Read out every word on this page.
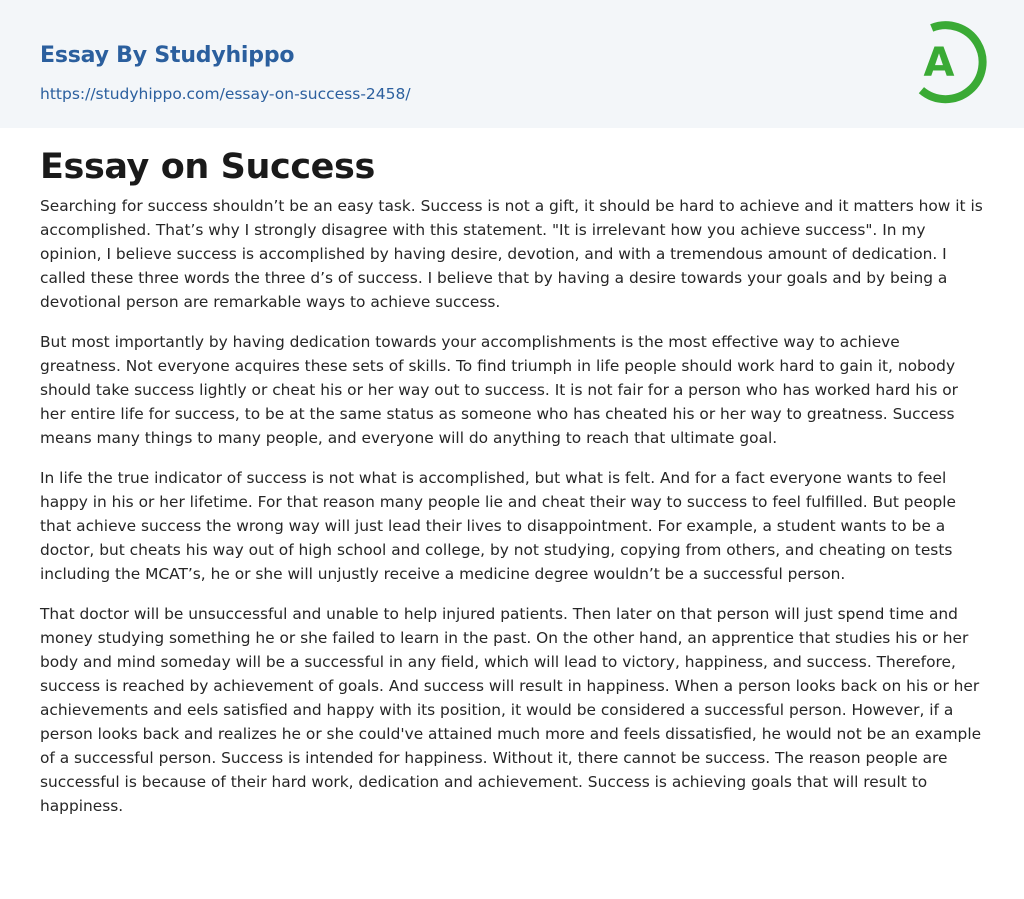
Essay By Studyhippo
https://studyhippo.com/essay-on-success-2458/
A
Essay on Success

Searching for success shouldn’t be an easy task. Success is not a gift, it should be hard to achieve and it matters how it is accomplished. That’s why I strongly disagree with this statement. "It is irrelevant how you achieve success". In my opinion, I believe success is accomplished by having desire, devotion, and with a tremendous amount of dedication. I called these three words the three d’s of success. I believe that by having a desire towards your goals and by being a devotional person are remarkable ways to achieve success.

But most importantly by having dedication towards your accomplishments is the most effective way to achieve greatness. Not everyone acquires these sets of skills. To find triumph in life people should work hard to gain it, nobody should take success lightly or cheat his or her way out to success. It is not fair for a person who has worked hard his or her entire life for success, to be at the same status as someone who has cheated his or her way to greatness. Success means many things to many people, and everyone will do anything to reach that ultimate goal.

In life the true indicator of success is not what is accomplished, but what is felt. And for a fact everyone wants to feel happy in his or her lifetime. For that reason many people lie and cheat their way to success to feel fulfilled. But people that achieve success the wrong way will just lead their lives to disappointment. For example, a student wants to be a doctor, but cheats his way out of high school and college, by not studying, copying from others, and cheating on tests including the MCAT’s, he or she will unjustly receive a medicine degree wouldn’t be a successful person.

That doctor will be unsuccessful and unable to help injured patients. Then later on that person will just spend time and money studying something he or she failed to learn in the past. On the other hand, an apprentice that studies his or her body and mind someday will be a successful in any field, which will lead to victory, happiness, and success. Therefore, success is reached by achievement of goals. And success will result in happiness. When a person looks back on his or her achievements and eels satisfied and happy with its position, it would be considered a successful person. However, if a person looks back and realizes he or she could've attained much more and feels dissatisfied, he would not be an example of a successful person. Success is intended for happiness. Without it, there cannot be success. The reason people are successful is because of their hard work, dedication and achievement. Success is achieving goals that will result to happiness.
